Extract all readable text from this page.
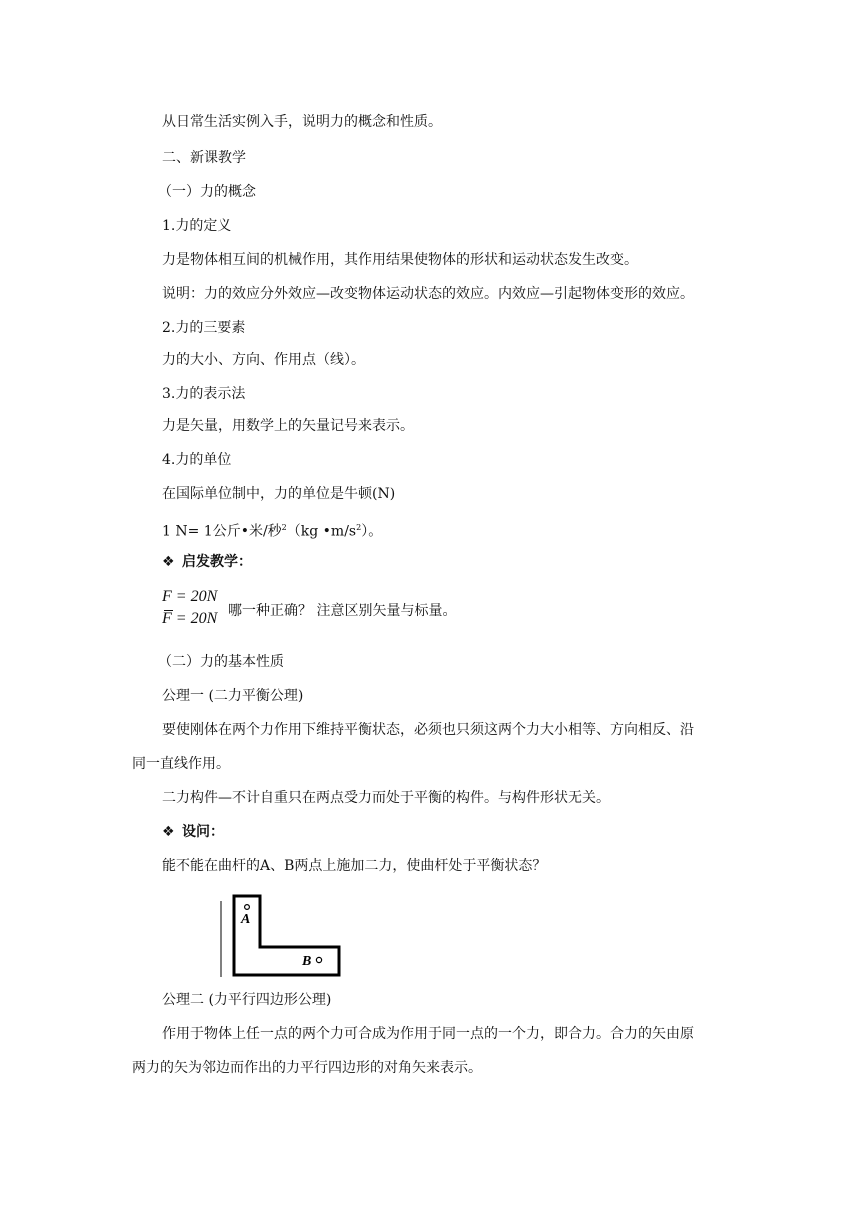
从日常生活实例入手，说明力的概念和性质。
二、新课教学
（一）力的概念
1.力的定义
力是物体相互间的机械作用，其作用结果使物体的形状和运动状态发生改变。
说明：力的效应分外效应—改变物体运动状态的效应。内效应—引起物体变形的效应。
2.力的三要素
力的大小、方向、作用点（线）。
3.力的表示法
力是矢量，用数学上的矢量记号来表示。
4.力的单位
在国际单位制中，力的单位是牛顿(N)
1 N= 1公斤•米/秒$^2$（kg $•m/s^2$）。
❖ 启发教学：
F = 20N
F = 20N 哪一种正确？ 注意区别矢量与标量。
（二）力的基本性质
公理一 (二力平衡公理)
要使刚体在两个力作用下维持平衡状态，必须也只须这两个力大小相等、方向相反、沿
同一直线作用。
二力构件—不计自重只在两点受力而处于平衡的构件。与构件形状无关。
❖ 设问：
能不能在曲杆的A、B两点上施加二力，使曲杆处于平衡状态？
A
B
公理二 (力平行四边形公理)
作用于物体上任一点的两个力可合成为作用于同一点的一个力，即合力。合力的矢由原
两力的矢为邻边而作出的力平行四边形的对角矢来表示。
